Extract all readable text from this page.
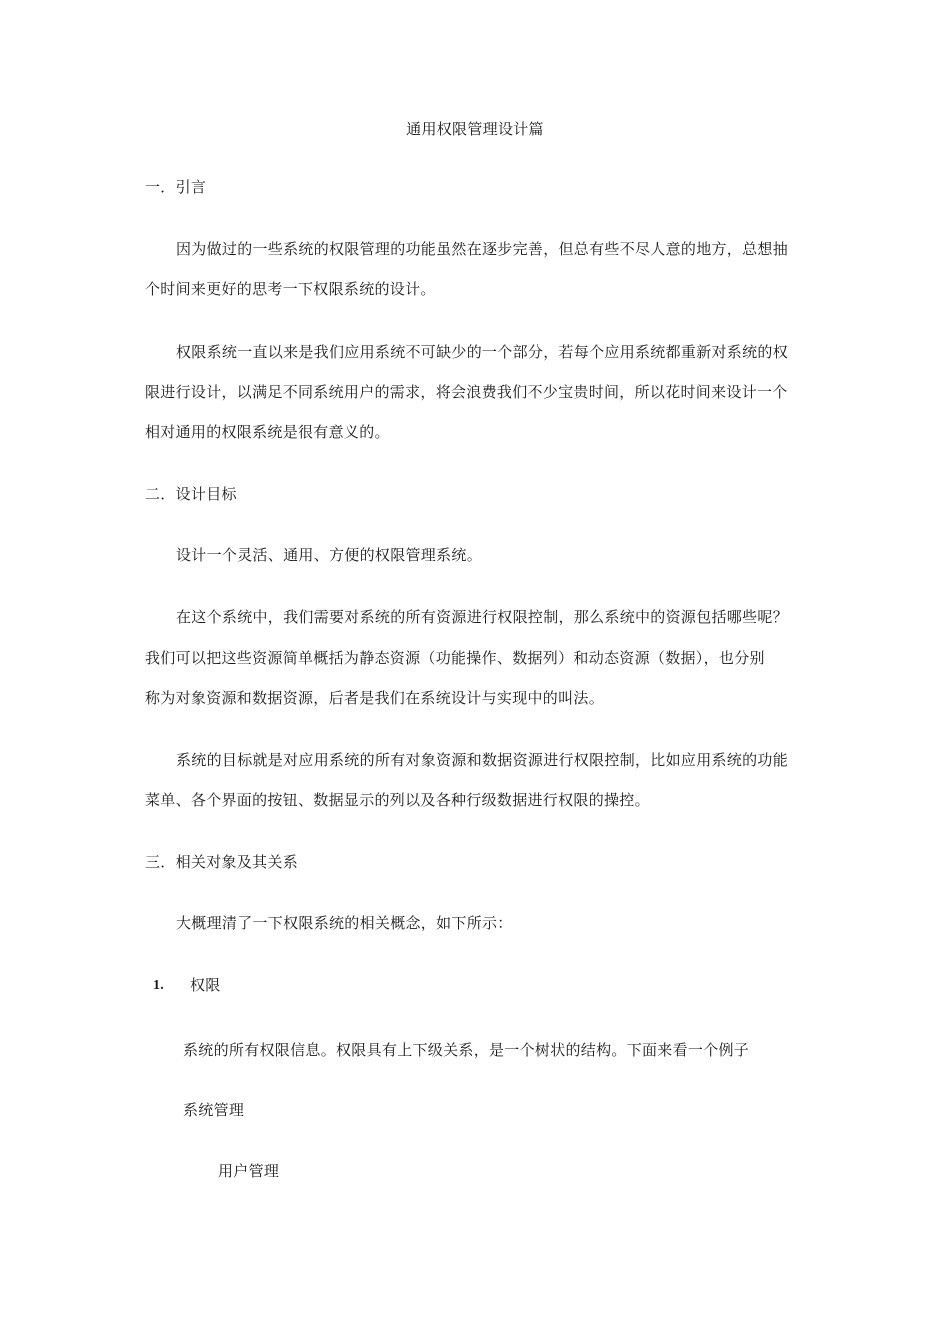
通用权限管理设计篇
一．引言
因为做过的一些系统的权限管理的功能虽然在逐步完善，但总有些不尽人意的地方，总想抽
个时间来更好的思考一下权限系统的设计。
权限系统一直以来是我们应用系统不可缺少的一个部分，若每个应用系统都重新对系统的权
限进行设计，以满足不同系统用户的需求，将会浪费我们不少宝贵时间，所以花时间来设计一个
相对通用的权限系统是很有意义的。
二．设计目标
设计一个灵活、通用、方便的权限管理系统。
在这个系统中，我们需要对系统的所有资源进行权限控制，那么系统中的资源包括哪些呢？
我们可以把这些资源简单概括为静态资源（功能操作、数据列）和动态资源（数据），也分别
称为对象资源和数据资源，后者是我们在系统设计与实现中的叫法。
系统的目标就是对应用系统的所有对象资源和数据资源进行权限控制，比如应用系统的功能
菜单、各个界面的按钮、数据显示的列以及各种行级数据进行权限的操控。
三．相关对象及其关系
大概理清了一下权限系统的相关概念，如下所示：
1. 权限
系统的所有权限信息。权限具有上下级关系，是一个树状的结构。下面来看一个例子
系统管理
用户管理
